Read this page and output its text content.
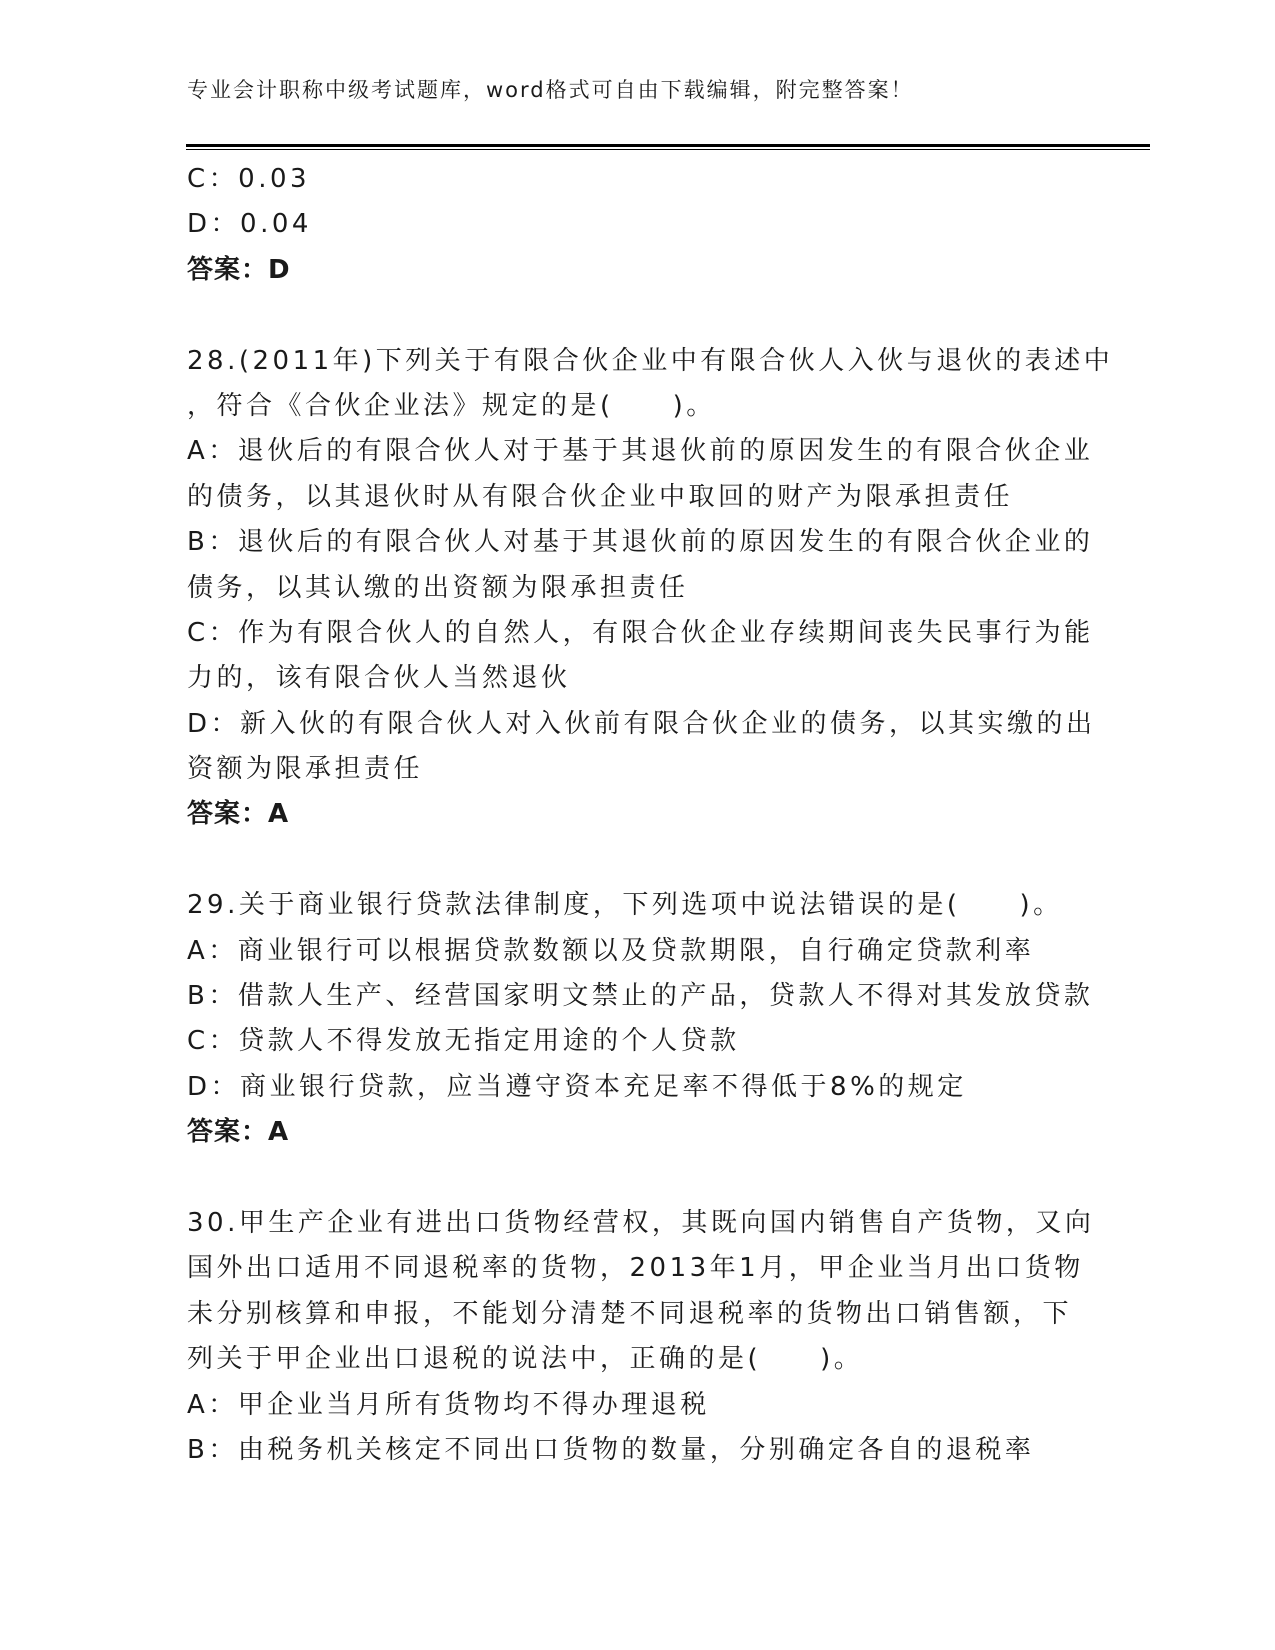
专业会计职称中级考试题库，word格式可自由下载编辑，附完整答案！
C：0.03
D：0.04
答案：D
28.(2011年)下列关于有限合伙企业中有限合伙人入伙与退伙的表述中
，符合《合伙企业法》规定的是(　　)。
A：退伙后的有限合伙人对于基于其退伙前的原因发生的有限合伙企业
的债务，以其退伙时从有限合伙企业中取回的财产为限承担责任
B：退伙后的有限合伙人对基于其退伙前的原因发生的有限合伙企业的
债务，以其认缴的出资额为限承担责任
C：作为有限合伙人的自然人，有限合伙企业存续期间丧失民事行为能
力的，该有限合伙人当然退伙
D：新入伙的有限合伙人对入伙前有限合伙企业的债务，以其实缴的出
资额为限承担责任
答案：A
29.关于商业银行贷款法律制度，下列选项中说法错误的是(　　)。
A：商业银行可以根据贷款数额以及贷款期限，自行确定贷款利率
B：借款人生产、经营国家明文禁止的产品，贷款人不得对其发放贷款
C：贷款人不得发放无指定用途的个人贷款
D：商业银行贷款，应当遵守资本充足率不得低于8%的规定
答案：A
30.甲生产企业有进出口货物经营权，其既向国内销售自产货物，又向
国外出口适用不同退税率的货物，2013年1月，甲企业当月出口货物
未分别核算和申报，不能划分清楚不同退税率的货物出口销售额，下
列关于甲企业出口退税的说法中，正确的是(　　)。
A：甲企业当月所有货物均不得办理退税
B：由税务机关核定不同出口货物的数量，分别确定各自的退税率
